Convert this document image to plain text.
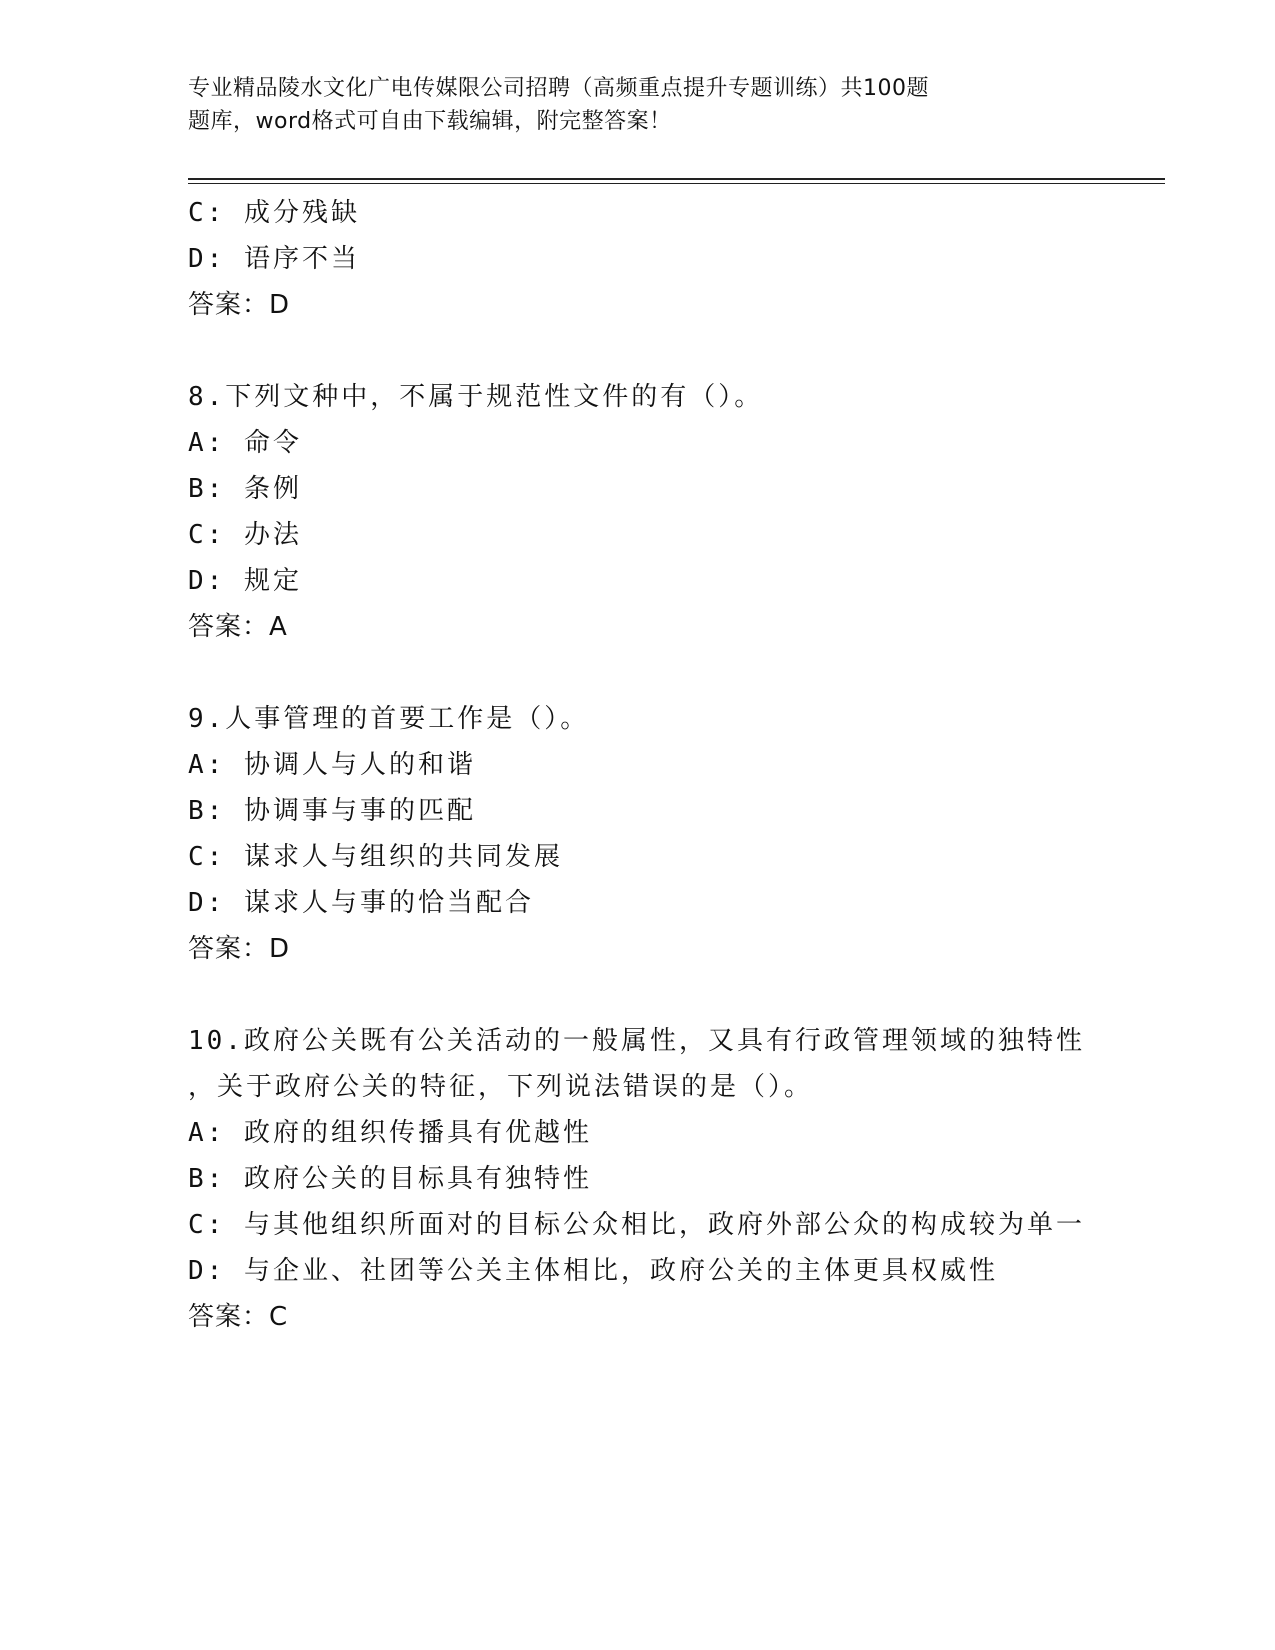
专业精品陵水文化广电传媒限公司招聘（高频重点提升专题训练）共100题
题库，word格式可自由下载编辑，附完整答案！
C: 成分残缺
D: 语序不当
答案：D
8.下列文种中，不属于规范性文件的有（）。
A: 命令
B: 条例
C: 办法
D: 规定
答案：A
9.人事管理的首要工作是（）。
A: 协调人与人的和谐
B: 协调事与事的匹配
C: 谋求人与组织的共同发展
D: 谋求人与事的恰当配合
答案：D
10.政府公关既有公关活动的一般属性，又具有行政管理领域的独特性
，关于政府公关的特征，下列说法错误的是（）。
A: 政府的组织传播具有优越性
B: 政府公关的目标具有独特性
C: 与其他组织所面对的目标公众相比，政府外部公众的构成较为单一
D: 与企业、社团等公关主体相比，政府公关的主体更具权威性
答案：C
